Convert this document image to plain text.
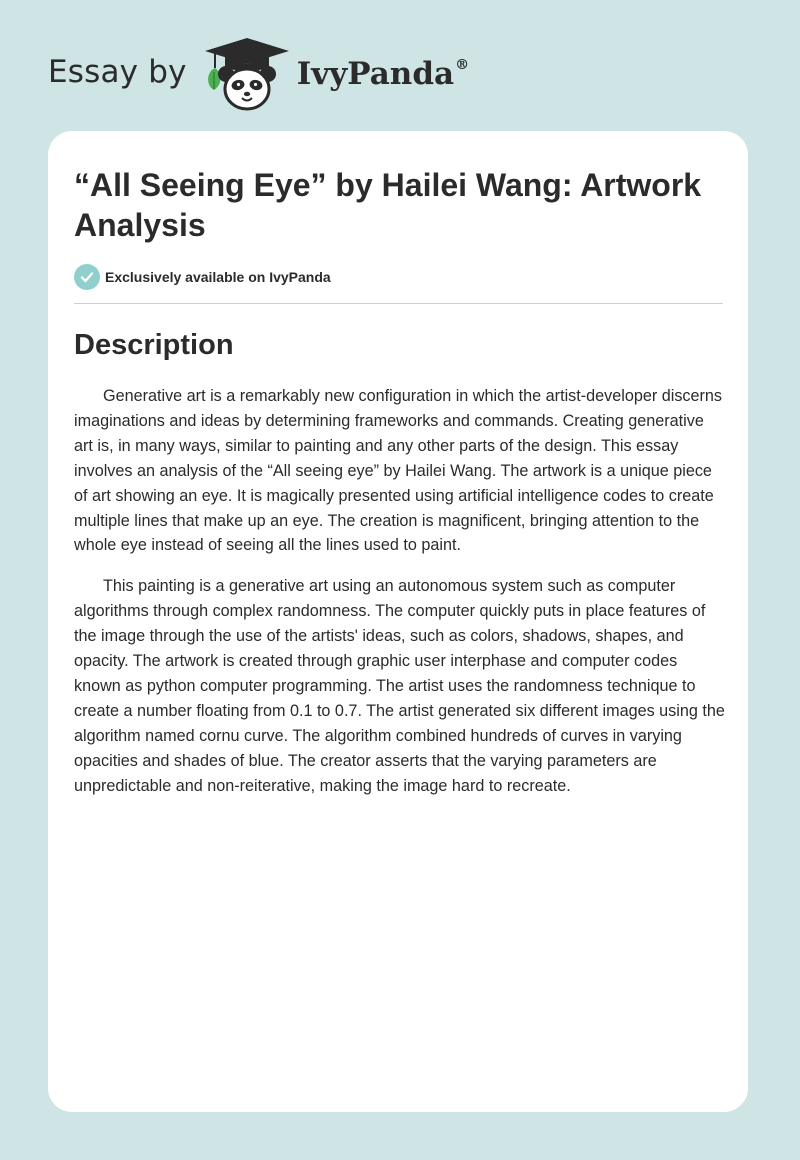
Essay by	IvyPanda®
“All Seeing Eye” by Hailei Wang: Artwork Analysis
Exclusively available on IvyPanda
Description

Generative art is a remarkably new configuration in which the artist-developer discerns imaginations and ideas by determining frameworks and commands. Creating generative art is, in many ways, similar to painting and any other parts of the design. This essay involves an analysis of the “All seeing eye” by Hailei Wang. The artwork is a unique piece of art showing an eye. It is magically presented using artificial intelligence codes to create multiple lines that make up an eye. The creation is magnificent, bringing attention to the whole eye instead of seeing all the lines used to paint.

This painting is a generative art using an autonomous system such as computer algorithms through complex randomness. The computer quickly puts in place features of the image through the use of the artists' ideas, such as colors, shadows, shapes, and opacity. The artwork is created through graphic user interphase and computer codes known as python computer programming. The artist uses the randomness technique to create a number floating from 0.1 to 0.7. The artist generated six different images using the algorithm named cornu curve. The algorithm combined hundreds of curves in varying opacities and shades of blue. The creator asserts that the varying parameters are unpredictable and non-reiterative, making the image hard to recreate.
